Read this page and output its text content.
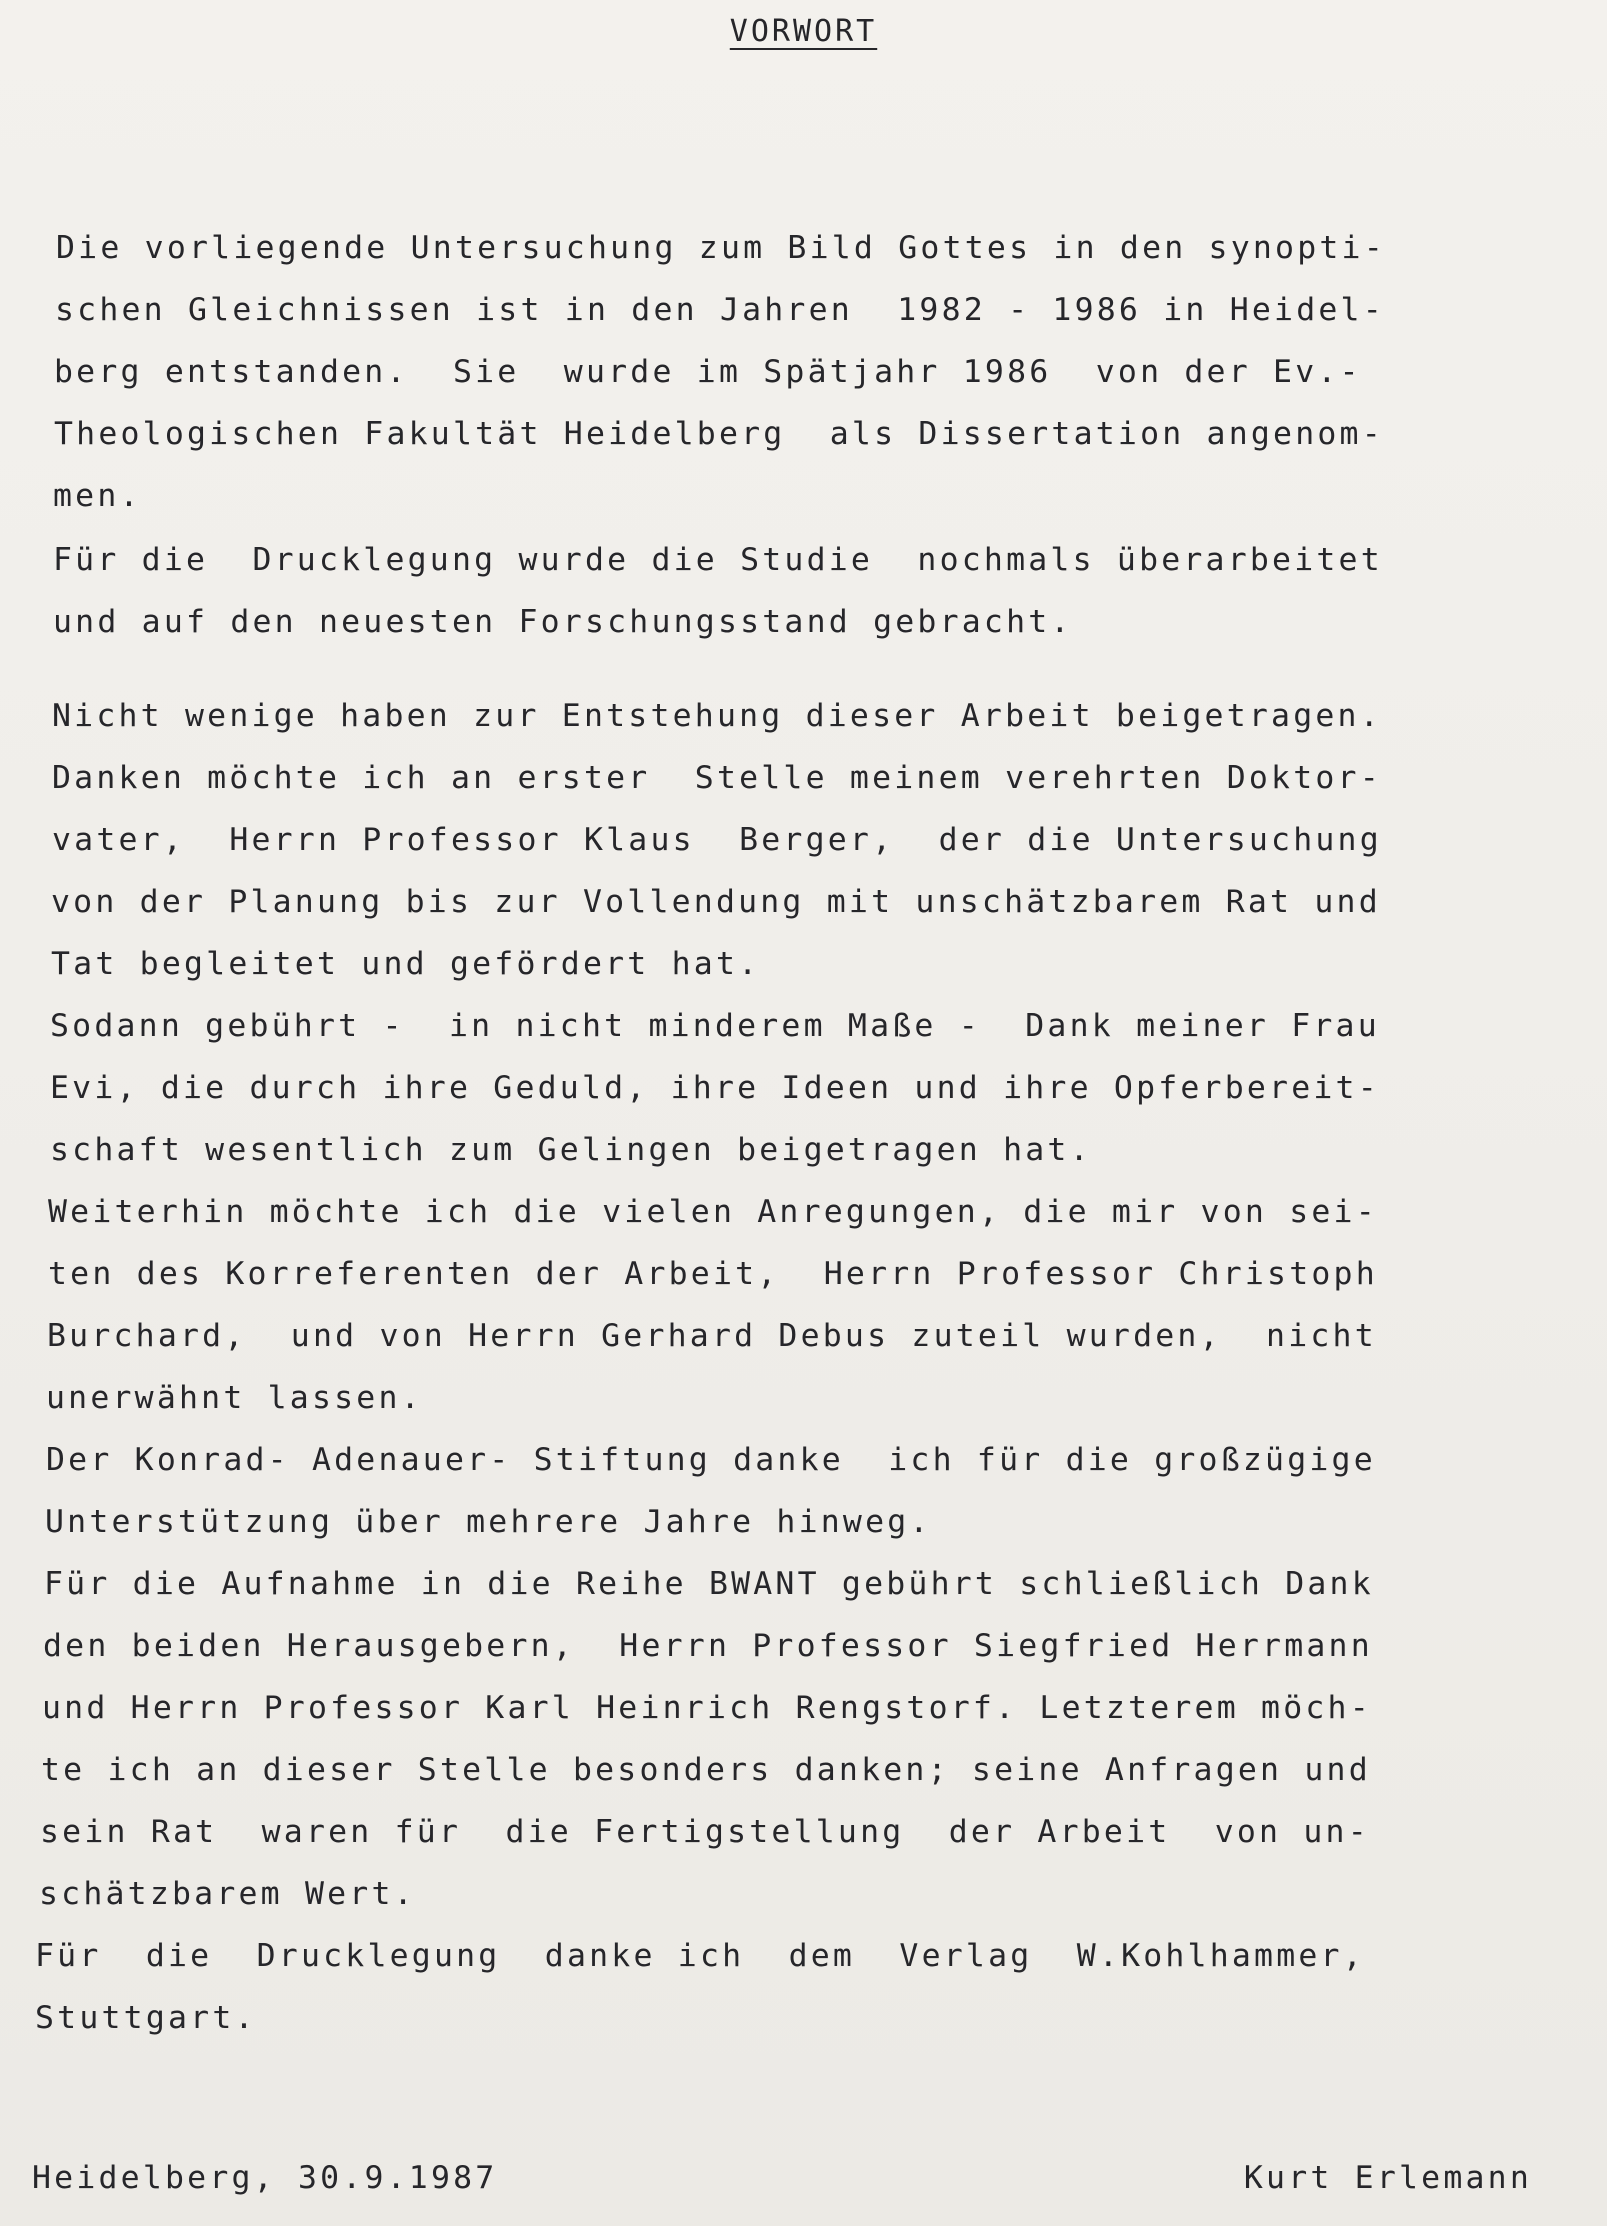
VORWORT
Die vorliegende Untersuchung zum Bild Gottes in den synopti-
schen Gleichnissen ist in den Jahren  1982 - 1986 in Heidel-
berg entstanden.  Sie  wurde im Spätjahr 1986  von der Ev.-
Theologischen Fakultät Heidelberg  als Dissertation angenom-
men.
Für die  Drucklegung wurde die Studie  nochmals überarbeitet
und auf den neuesten Forschungsstand gebracht.
Nicht wenige haben zur Entstehung dieser Arbeit beigetragen.
Danken möchte ich an erster  Stelle meinem verehrten Doktor-
vater,  Herrn Professor Klaus  Berger,  der die Untersuchung
von der Planung bis zur Vollendung mit unschätzbarem Rat und
Tat begleitet und gefördert hat.
Sodann gebührt -  in nicht minderem Maße -  Dank meiner Frau
Evi, die durch ihre Geduld, ihre Ideen und ihre Opferbereit-
schaft wesentlich zum Gelingen beigetragen hat.
Weiterhin möchte ich die vielen Anregungen, die mir von sei-
ten des Korreferenten der Arbeit,  Herrn Professor Christoph
Burchard,  und von Herrn Gerhard Debus zuteil wurden,  nicht
unerwähnt lassen.
Der Konrad- Adenauer- Stiftung danke  ich für die großzügige
Unterstützung über mehrere Jahre hinweg.
Für die Aufnahme in die Reihe BWANT gebührt schließlich Dank
den beiden Herausgebern,  Herrn Professor Siegfried Herrmann
und Herrn Professor Karl Heinrich Rengstorf. Letzterem möch-
te ich an dieser Stelle besonders danken; seine Anfragen und
sein Rat  waren für  die Fertigstellung  der Arbeit  von un-
schätzbarem Wert.
Für  die  Drucklegung  danke ich  dem  Verlag  W.Kohlhammer,
Stuttgart.
Heidelberg, 30.9.1987	Kurt Erlemann
